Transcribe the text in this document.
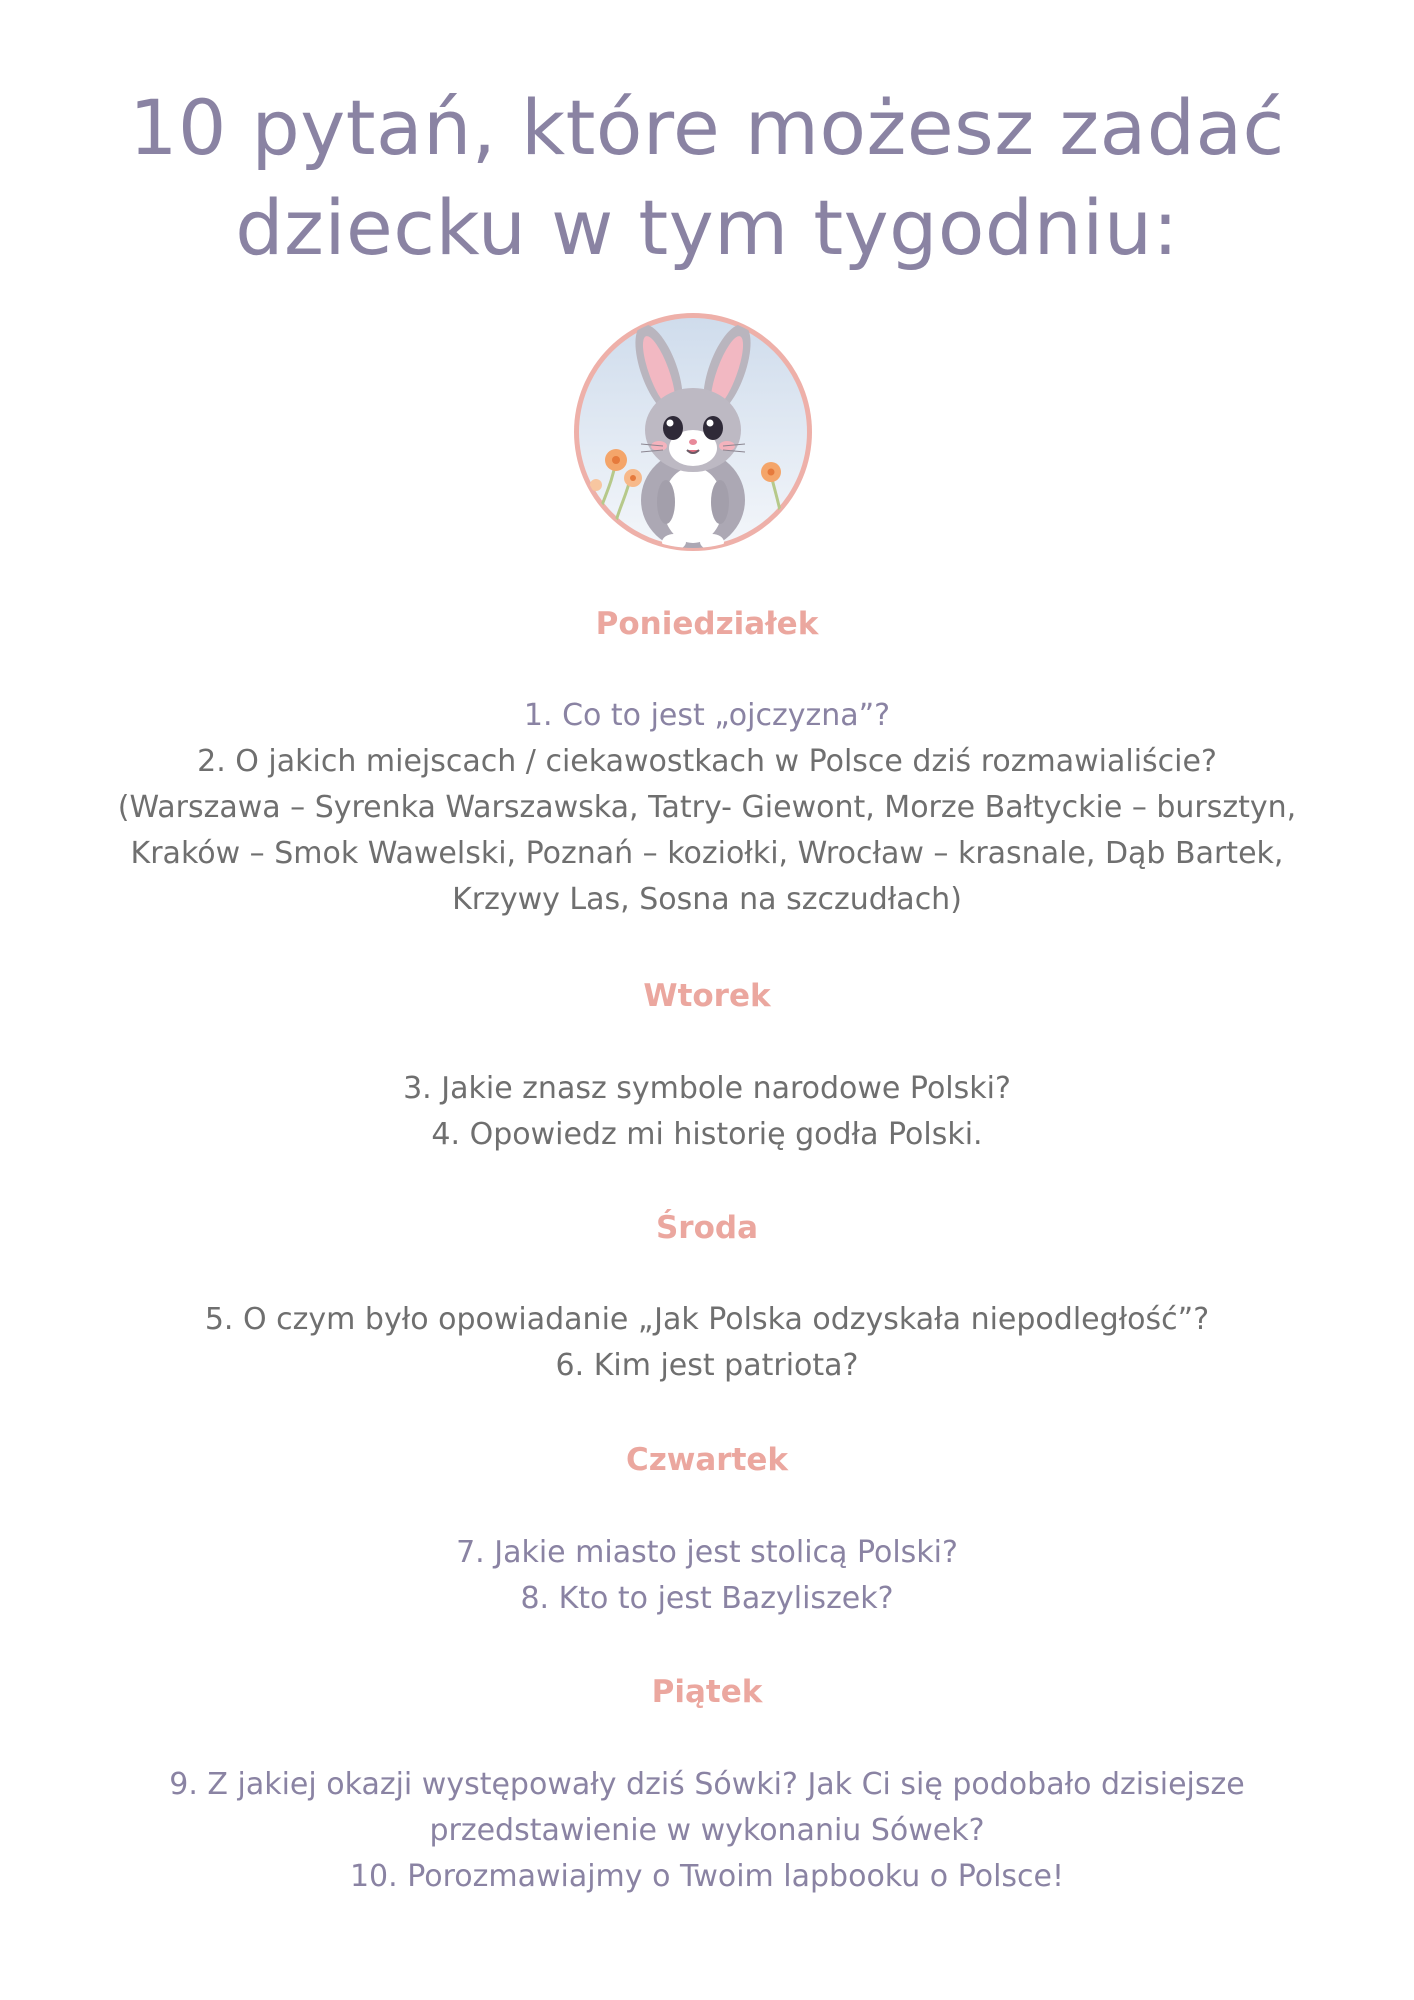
10 pytań, które możesz zadać
dziecku w tym tygodniu:
Poniedziałek
1. Co to jest „ojczyzna”?
2. O jakich miejscach / ciekawostkach w Polsce dziś rozmawialiście?
(Warszawa – Syrenka Warszawska, Tatry- Giewont, Morze Bałtyckie – bursztyn,
Kraków – Smok Wawelski, Poznań – koziołki, Wrocław – krasnale, Dąb Bartek,
Krzywy Las, Sosna na szczudłach)
Wtorek
3. Jakie znasz symbole narodowe Polski?
4. Opowiedz mi historię godła Polski.
Środa
5. O czym było opowiadanie „Jak Polska odzyskała niepodległość”?
6. Kim jest patriota?
Czwartek
7. Jakie miasto jest stolicą Polski?
8. Kto to jest Bazyliszek?
Piątek
9. Z jakiej okazji występowały dziś Sówki? Jak Ci się podobało dzisiejsze
przedstawienie w wykonaniu Sówek?
10. Porozmawiajmy o Twoim lapbooku o Polsce!
